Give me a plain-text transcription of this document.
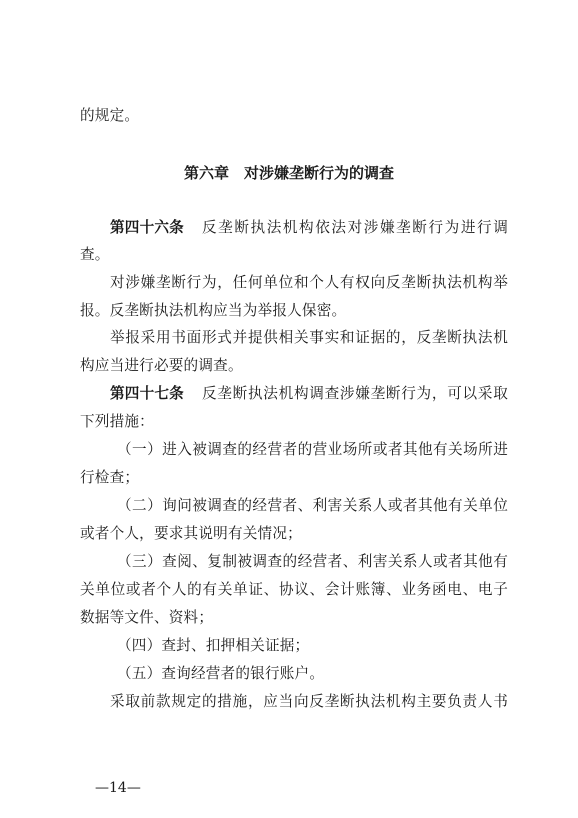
的规定。
第六章　对涉嫌垄断行为的调查
第四十六条 反垄断执法机构依法对涉嫌垄断行为进行调
查。
对涉嫌垄断行为，任何单位和个人有权向反垄断执法机构举
报。反垄断执法机构应当为举报人保密。
举报采用书面形式并提供相关事实和证据的，反垄断执法机
构应当进行必要的调查。
第四十七条 反垄断执法机构调查涉嫌垄断行为，可以采取
下列措施：
（一）进入被调查的经营者的营业场所或者其他有关场所进
行检查；
（二）询问被调查的经营者、利害关系人或者其他有关单位
或者个人，要求其说明有关情况；
（三）查阅、复制被调查的经营者、利害关系人或者其他有
关单位或者个人的有关单证、协议、会计账簿、业务函电、电子
数据等文件、资料；
（四）查封、扣押相关证据；
（五）查询经营者的银行账户。
采取前款规定的措施，应当向反垄断执法机构主要负责人书
—14—
